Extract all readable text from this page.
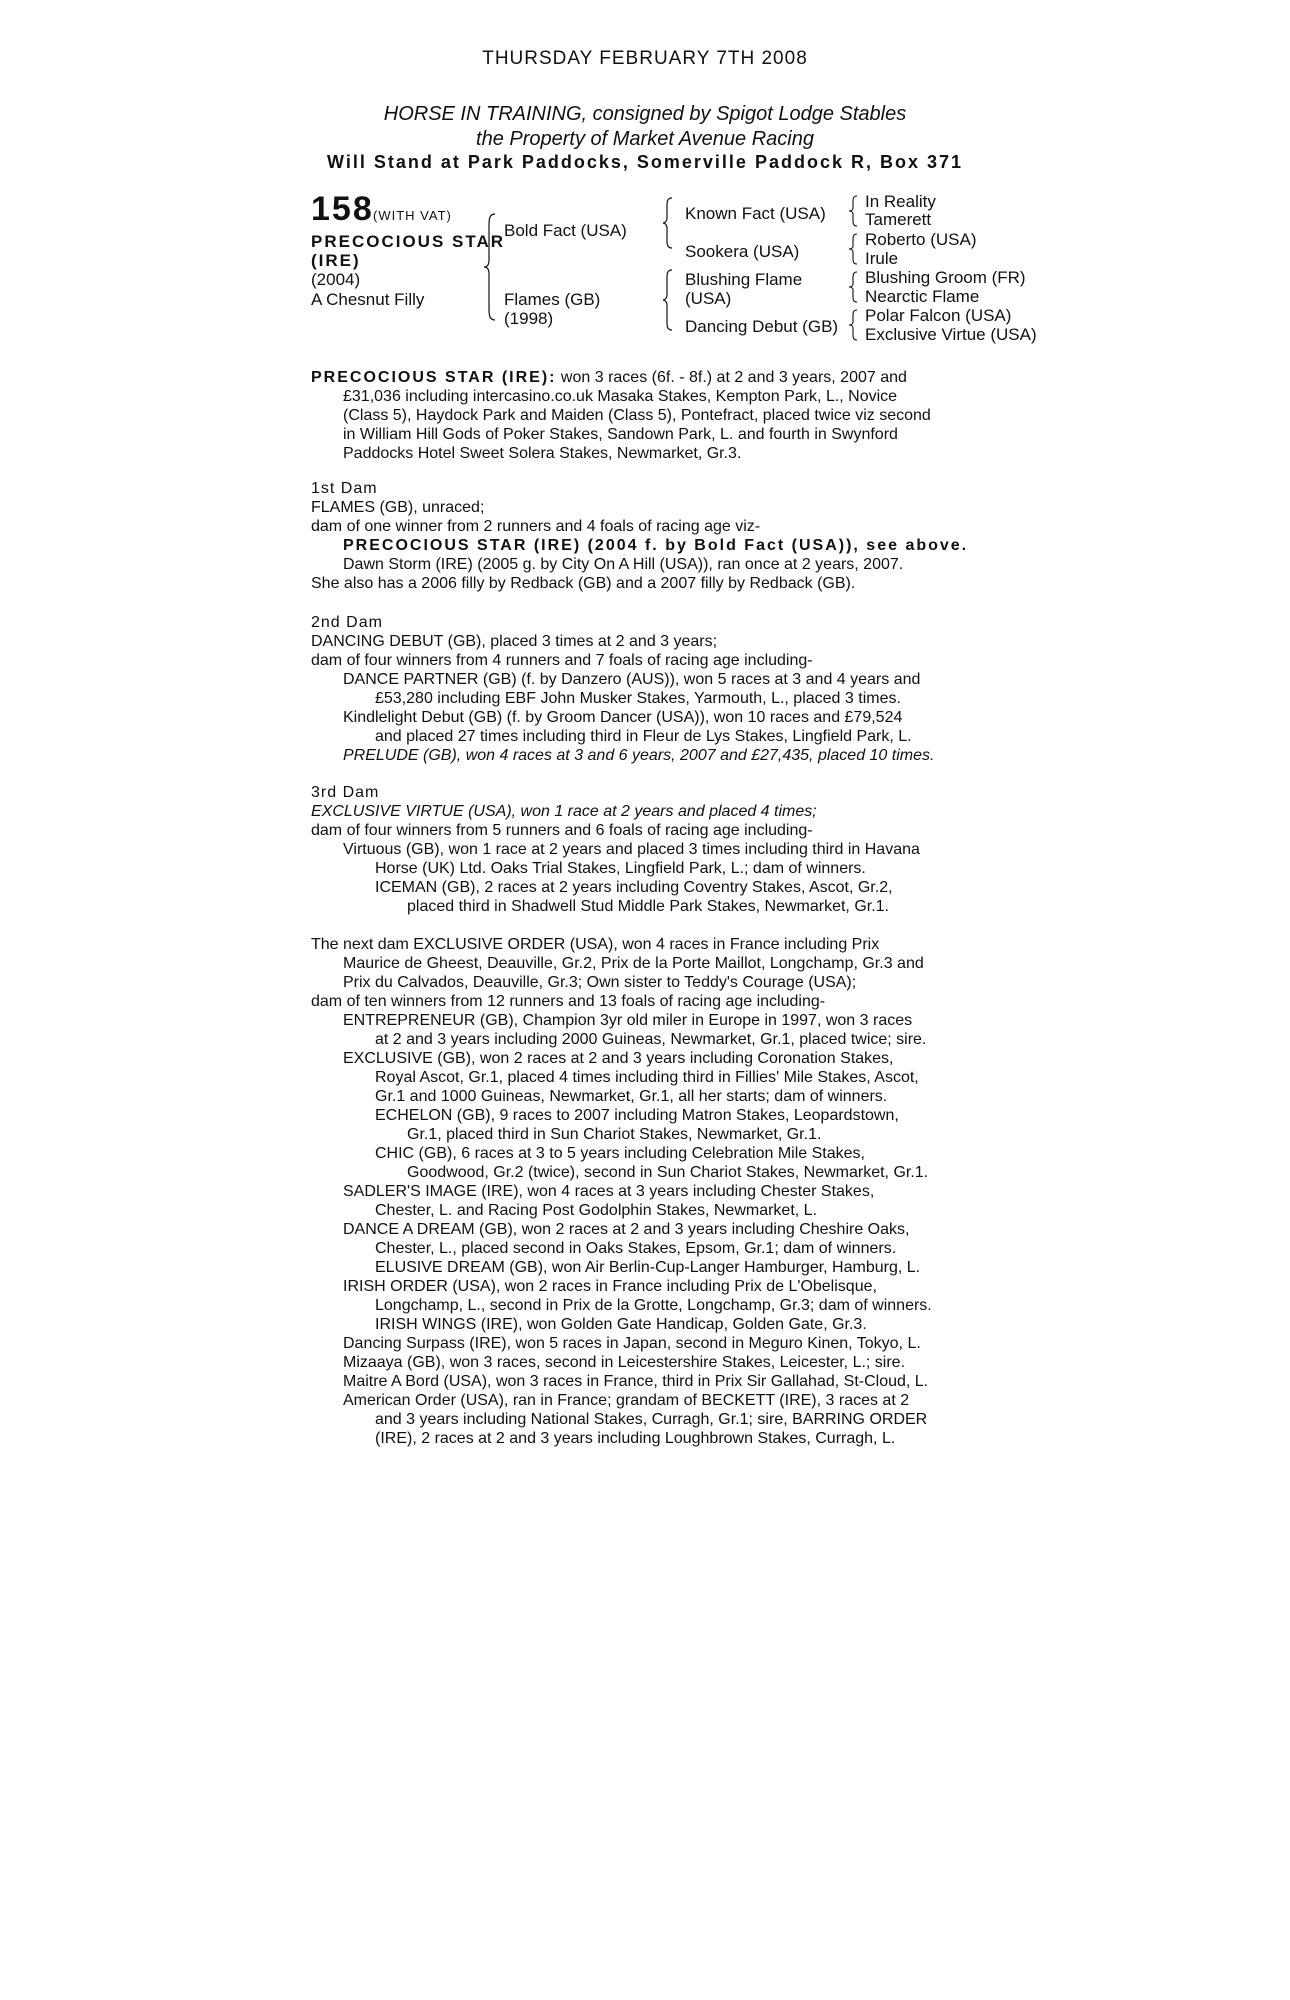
THURSDAY FEBRUARY 7TH 2008
HORSE IN TRAINING, consigned by Spigot Lodge Stables
the Property of Market Avenue Racing
Will Stand at Park Paddocks, Somerville Paddock R, Box 371
158 (WITH VAT)
PRECOCIOUS STAR
(IRE)
(2004)
A Chesnut Filly
Bold Fact (USA)
Flames (GB)
(1998)
Known Fact (USA)
Sookera (USA)
Blushing Flame
(USA)
Dancing Debut (GB)
In Reality
Tamerett
Roberto (USA)
Irule
Blushing Groom (FR)
Nearctic Flame
Polar Falcon (USA)
Exclusive Virtue (USA)
PRECOCIOUS STAR (IRE): won 3 races (6f. - 8f.) at 2 and 3 years, 2007 and
£31,036 including intercasino.co.uk Masaka Stakes, Kempton Park, L., Novice
(Class 5), Haydock Park and Maiden (Class 5), Pontefract, placed twice viz second
in William Hill Gods of Poker Stakes, Sandown Park, L. and fourth in Swynford
Paddocks Hotel Sweet Solera Stakes, Newmarket, Gr.3.
1st Dam
FLAMES (GB), unraced;
dam of one winner from 2 runners and 4 foals of racing age viz-
PRECOCIOUS STAR (IRE) (2004 f. by Bold Fact (USA)), see above.
Dawn Storm (IRE) (2005 g. by City On A Hill (USA)), ran once at 2 years, 2007.
She also has a 2006 filly by Redback (GB) and a 2007 filly by Redback (GB).
2nd Dam
DANCING DEBUT (GB), placed 3 times at 2 and 3 years;
dam of four winners from 4 runners and 7 foals of racing age including-
DANCE PARTNER (GB) (f. by Danzero (AUS)), won 5 races at 3 and 4 years and
£53,280 including EBF John Musker Stakes, Yarmouth, L., placed 3 times.
Kindlelight Debut (GB) (f. by Groom Dancer (USA)), won 10 races and £79,524
and placed 27 times including third in Fleur de Lys Stakes, Lingfield Park, L.
PRELUDE (GB), won 4 races at 3 and 6 years, 2007 and £27,435, placed 10 times.
3rd Dam
EXCLUSIVE VIRTUE (USA), won 1 race at 2 years and placed 4 times;
dam of four winners from 5 runners and 6 foals of racing age including-
Virtuous (GB), won 1 race at 2 years and placed 3 times including third in Havana
Horse (UK) Ltd. Oaks Trial Stakes, Lingfield Park, L.; dam of winners.
ICEMAN (GB), 2 races at 2 years including Coventry Stakes, Ascot, Gr.2,
placed third in Shadwell Stud Middle Park Stakes, Newmarket, Gr.1.
The next dam EXCLUSIVE ORDER (USA), won 4 races in France including Prix
Maurice de Gheest, Deauville, Gr.2, Prix de la Porte Maillot, Longchamp, Gr.3 and
Prix du Calvados, Deauville, Gr.3; Own sister to Teddy's Courage (USA);
dam of ten winners from 12 runners and 13 foals of racing age including-
ENTREPRENEUR (GB), Champion 3yr old miler in Europe in 1997, won 3 races
at 2 and 3 years including 2000 Guineas, Newmarket, Gr.1, placed twice; sire.
EXCLUSIVE (GB), won 2 races at 2 and 3 years including Coronation Stakes,
Royal Ascot, Gr.1, placed 4 times including third in Fillies' Mile Stakes, Ascot,
Gr.1 and 1000 Guineas, Newmarket, Gr.1, all her starts; dam of winners.
ECHELON (GB), 9 races to 2007 including Matron Stakes, Leopardstown,
Gr.1, placed third in Sun Chariot Stakes, Newmarket, Gr.1.
CHIC (GB), 6 races at 3 to 5 years including Celebration Mile Stakes,
Goodwood, Gr.2 (twice), second in Sun Chariot Stakes, Newmarket, Gr.1.
SADLER'S IMAGE (IRE), won 4 races at 3 years including Chester Stakes,
Chester, L. and Racing Post Godolphin Stakes, Newmarket, L.
DANCE A DREAM (GB), won 2 races at 2 and 3 years including Cheshire Oaks,
Chester, L., placed second in Oaks Stakes, Epsom, Gr.1; dam of winners.
ELUSIVE DREAM (GB), won Air Berlin-Cup-Langer Hamburger, Hamburg, L.
IRISH ORDER (USA), won 2 races in France including Prix de L'Obelisque,
Longchamp, L., second in Prix de la Grotte, Longchamp, Gr.3; dam of winners.
IRISH WINGS (IRE), won Golden Gate Handicap, Golden Gate, Gr.3.
Dancing Surpass (IRE), won 5 races in Japan, second in Meguro Kinen, Tokyo, L.
Mizaaya (GB), won 3 races, second in Leicestershire Stakes, Leicester, L.; sire.
Maitre A Bord (USA), won 3 races in France, third in Prix Sir Gallahad, St-Cloud, L.
American Order (USA), ran in France; grandam of BECKETT (IRE), 3 races at 2
and 3 years including National Stakes, Curragh, Gr.1; sire, BARRING ORDER
(IRE), 2 races at 2 and 3 years including Loughbrown Stakes, Curragh, L.
